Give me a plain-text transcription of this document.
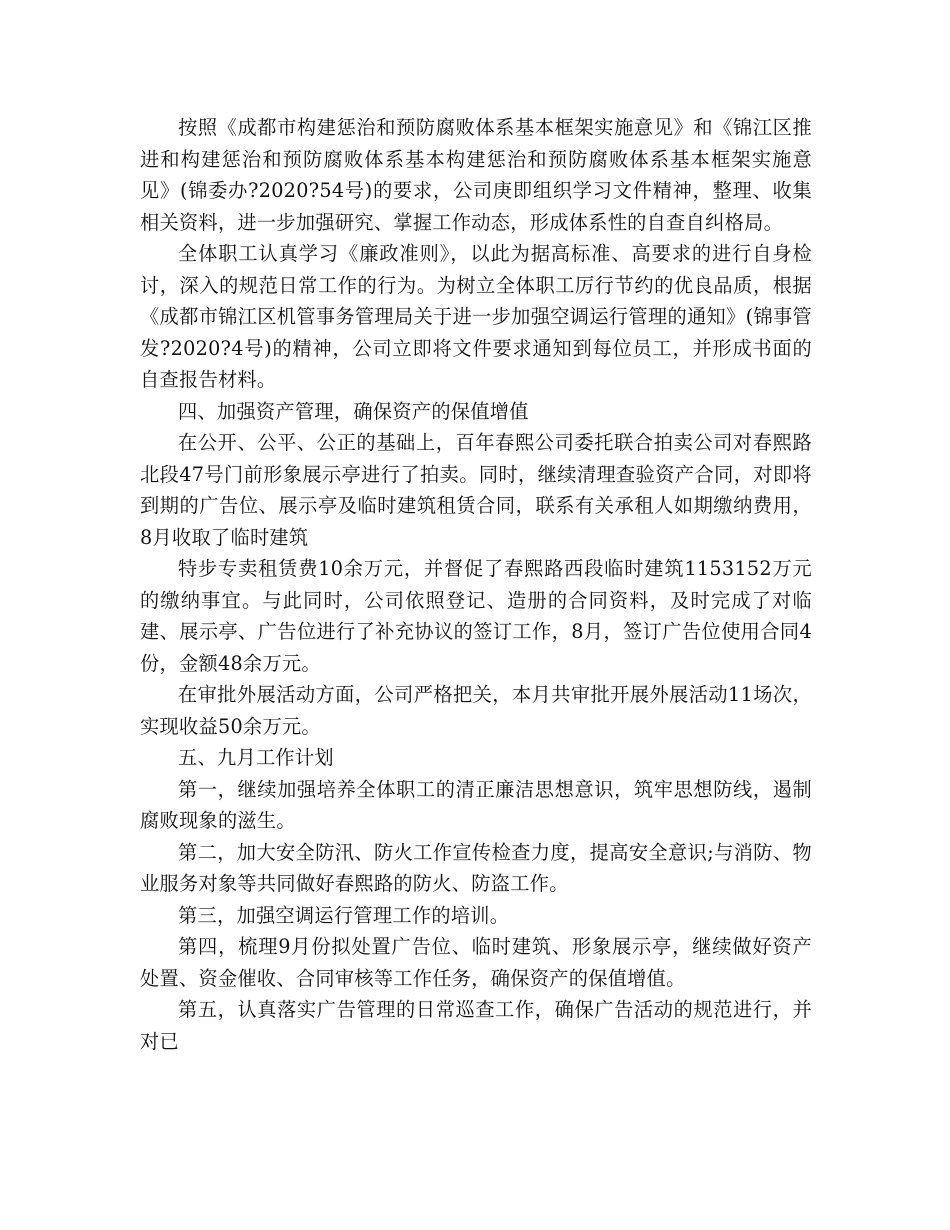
按照《成都市构建惩治和预防腐败体系基本框架实施意见》和《锦江区推进和构建惩治和预防腐败体系基本构建惩治和预防腐败体系基本框架实施意见》(锦委办?2020?54号)的要求，公司庚即组织学习文件精神，整理、收集相关资料，进一步加强研究、掌握工作动态，形成体系性的自查自纠格局。

全体职工认真学习《廉政准则》，以此为据高标准、高要求的进行自身检讨，深入的规范日常工作的行为。为树立全体职工厉行节约的优良品质，根据《成都市锦江区机管事务管理局关于进一步加强空调运行管理的通知》(锦事管发?2020?4号)的精神，公司立即将文件要求通知到每位员工，并形成书面的自查报告材料。

四、加强资产管理，确保资产的保值增值

在公开、公平、公正的基础上，百年春熙公司委托联合拍卖公司对春熙路北段47号门前形象展示亭进行了拍卖。同时，继续清理查验资产合同，对即将到期的广告位、展示亭及临时建筑租赁合同，联系有关承租人如期缴纳费用，8月收取了临时建筑

特步专卖租赁费10余万元，并督促了春熙路西段临时建筑1153152万元的缴纳事宜。与此同时，公司依照登记、造册的合同资料，及时完成了对临建、展示亭、广告位进行了补充协议的签订工作，8月，签订广告位使用合同4份，金额48余万元。

在审批外展活动方面，公司严格把关，本月共审批开展外展活动11场次，实现收益50余万元。

五、九月工作计划

第一，继续加强培养全体职工的清正廉洁思想意识，筑牢思想防线，遏制腐败现象的滋生。

第二，加大安全防汛、防火工作宣传检查力度，提高安全意识;与消防、物业服务对象等共同做好春熙路的防火、防盗工作。

第三，加强空调运行管理工作的培训。

第四，梳理9月份拟处置广告位、临时建筑、形象展示亭，继续做好资产处置、资金催收、合同审核等工作任务，确保资产的保值增值。

第五，认真落实广告管理的日常巡查工作，确保广告活动的规范进行，并对已
